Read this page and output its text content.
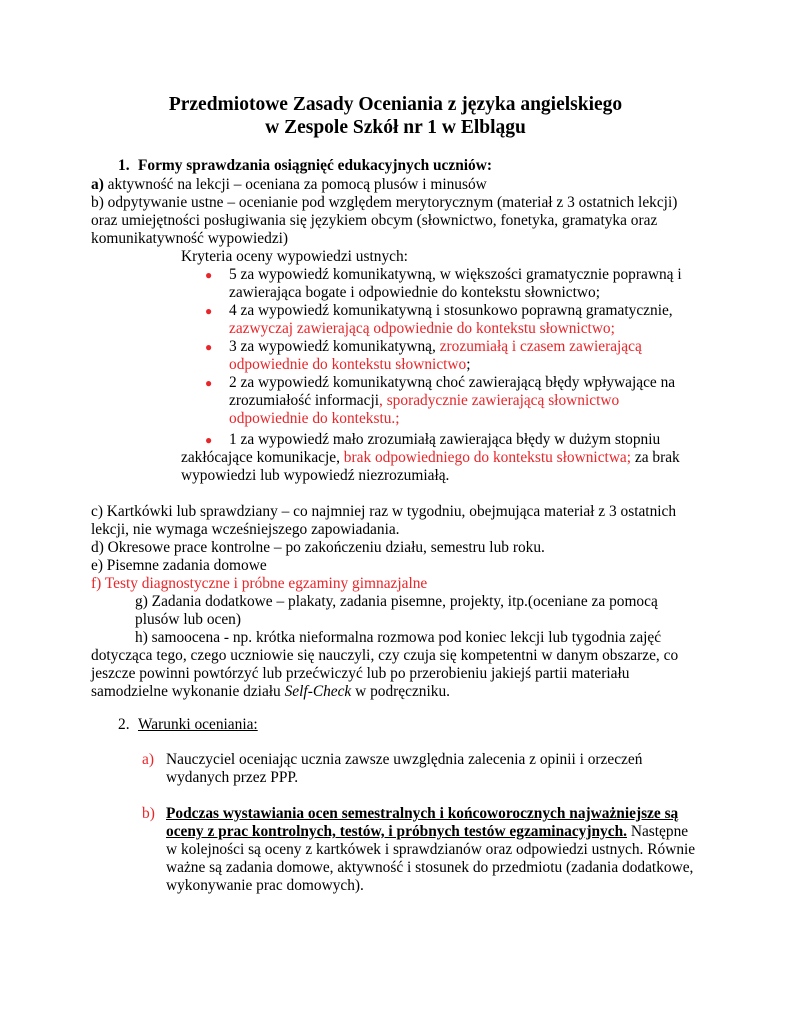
Przedmiotowe Zasady Oceniania z języka angielskiego
w Zespole Szkół nr 1 w Elblągu
1. Formy sprawdzania osiągnięć edukacyjnych uczniów:
a) aktywność na lekcji – oceniana za pomocą plusów i minusów
b) odpytywanie ustne – ocenianie pod względem merytorycznym (materiał z 3 ostatnich lekcji)
oraz umiejętności posługiwania się językiem obcym (słownictwo, fonetyka, gramatyka oraz
komunikatywność wypowiedzi)
Kryteria oceny wypowiedzi ustnych:
● 5 za wypowiedź komunikatywną, w większości gramatycznie poprawną i
zawierająca bogate i odpowiednie do kontekstu słownictwo;
● 4 za wypowiedź komunikatywną i stosunkowo poprawną gramatycznie,
zazwyczaj zawierającą odpowiednie do kontekstu słownictwo;
● 3 za wypowiedź komunikatywną, zrozumiałą i czasem zawierającą
odpowiednie do kontekstu słownictwo;
● 2 za wypowiedź komunikatywną choć zawierającą błędy wpływające na
zrozumiałość informacji, sporadycznie zawierającą słownictwo
odpowiednie do kontekstu.;
● 1 za wypowiedź mało zrozumiałą zawierająca błędy w dużym stopniu
zakłócające komunikacje, brak odpowiedniego do kontekstu słownictwa; za brak
wypowiedzi lub wypowiedź niezrozumiałą.
c) Kartkówki lub sprawdziany – co najmniej raz w tygodniu, obejmująca materiał z 3 ostatnich
lekcji, nie wymaga wcześniejszego zapowiadania.
d) Okresowe prace kontrolne – po zakończeniu działu, semestru lub roku.
e) Pisemne zadania domowe
f) Testy diagnostyczne i próbne egzaminy gimnazjalne
g) Zadania dodatkowe – plakaty, zadania pisemne, projekty, itp.(oceniane za pomocą
plusów lub ocen)
h) samoocena - np. krótka nieformalna rozmowa pod koniec lekcji lub tygodnia zajęć
dotycząca tego, czego uczniowie się nauczyli, czy czuja się kompetentni w danym obszarze, co
jeszcze powinni powtórzyć lub przećwiczyć lub po przerobieniu jakiejś partii materiału
samodzielne wykonanie działu Self-Check w podręczniku.
2. Warunki oceniania:
a) Nauczyciel oceniając ucznia zawsze uwzględnia zalecenia z opinii i orzeczeń
wydanych przez PPP.
b) Podczas wystawiania ocen semestralnych i końcoworocznych najważniejsze są
oceny z prac kontrolnych, testów, i próbnych testów egzaminacyjnych. Następne
w kolejności są oceny z kartkówek i sprawdzianów oraz odpowiedzi ustnych. Równie
ważne są zadania domowe, aktywność i stosunek do przedmiotu (zadania dodatkowe,
wykonywanie prac domowych).
